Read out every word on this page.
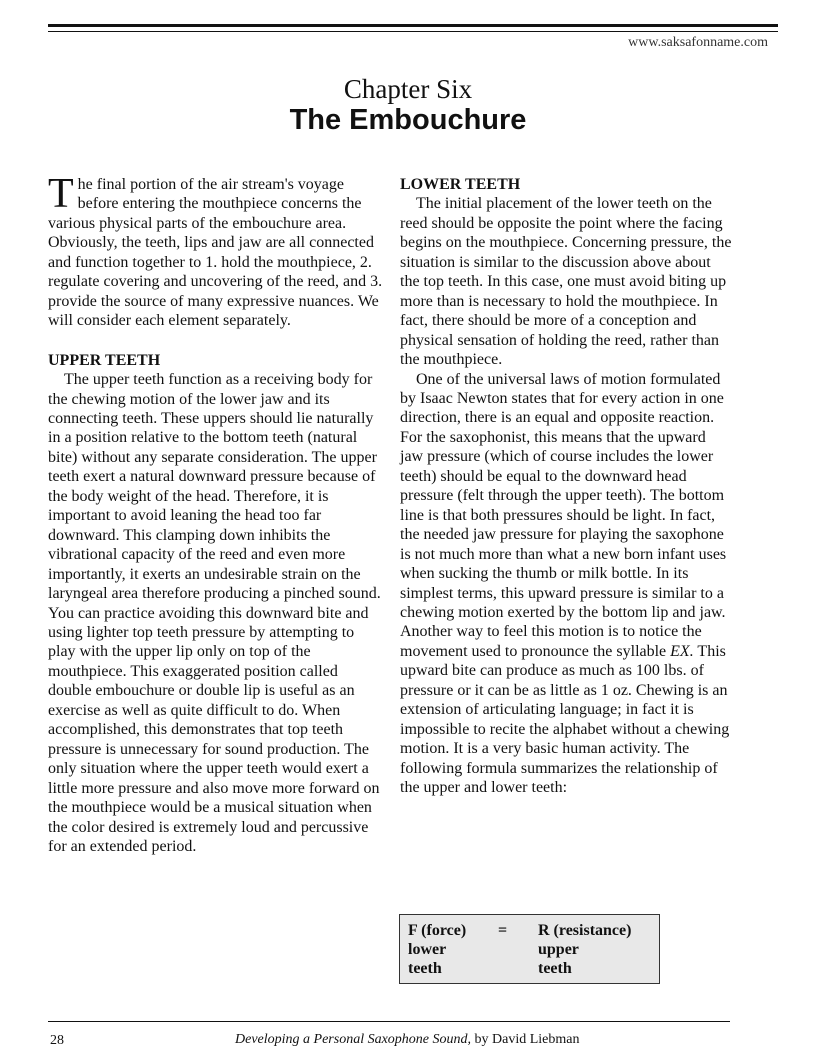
www.saksafonname.com
Chapter Six
The Embouchure

The final portion of the air stream's voyage before entering the mouthpiece concerns the various physical parts of the embouchure area. Obviously, the teeth, lips and jaw are all connected and function together to 1. hold the mouthpiece, 2. regulate covering and uncovering of the reed, and 3. provide the source of many expressive nuances. We will consider each element separately.

UPPER TEETH

The upper teeth function as a receiving body for the chewing motion of the lower jaw and its connecting teeth. These uppers should lie naturally in a position relative to the bottom teeth (natural bite) without any separate consideration. The upper teeth exert a natural downward pressure because of the body weight of the head. Therefore, it is important to avoid leaning the head too far downward. This clamping down inhibits the vibrational capacity of the reed and even more importantly, it exerts an undesirable strain on the laryngeal area therefore producing a pinched sound. You can practice avoiding this downward bite and using lighter top teeth pressure by attempting to play with the upper lip only on top of the mouthpiece. This exaggerated position called double embouchure or double lip is useful as an exercise as well as quite difficult to do. When accomplished, this demonstrates that top teeth pressure is unnecessary for sound production. The only situation where the upper teeth would exert a little more pressure and also move more forward on the mouthpiece would be a musical situation when the color desired is extremely loud and percussive for an extended period.

LOWER TEETH

The initial placement of the lower teeth on the reed should be opposite the point where the facing begins on the mouthpiece. Concerning pressure, the situation is similar to the discussion above about the top teeth. In this case, one must avoid biting up more than is necessary to hold the mouthpiece. In fact, there should be more of a conception and physical sensation of holding the reed, rather than the mouthpiece.

One of the universal laws of motion formulated by Isaac Newton states that for every action in one direction, there is an equal and opposite reaction. For the saxophonist, this means that the upward jaw pressure (which of course includes the lower teeth) should be equal to the downward head pressure (felt through the upper teeth). The bottom line is that both pressures should be light. In fact, the needed jaw pressure for playing the saxophone is not much more than what a new born infant uses when sucking the thumb or milk bottle. In its simplest terms, this upward pressure is similar to a chewing motion exerted by the bottom lip and jaw. Another way to feel this motion is to notice the movement used to pronounce the syllable EX. This upward bite can produce as much as 100 lbs. of pressure or it can be as little as 1 oz. Chewing is an extension of articulating language; in fact it is impossible to recite the alphabet without a chewing motion. It is a very basic human activity. The following formula summarizes the relationship of the upper and lower teeth:

F (force) = R (resistance)
lower	upper
teeth	teeth
28	Developing a Personal Saxophone Sound, by David Liebman
